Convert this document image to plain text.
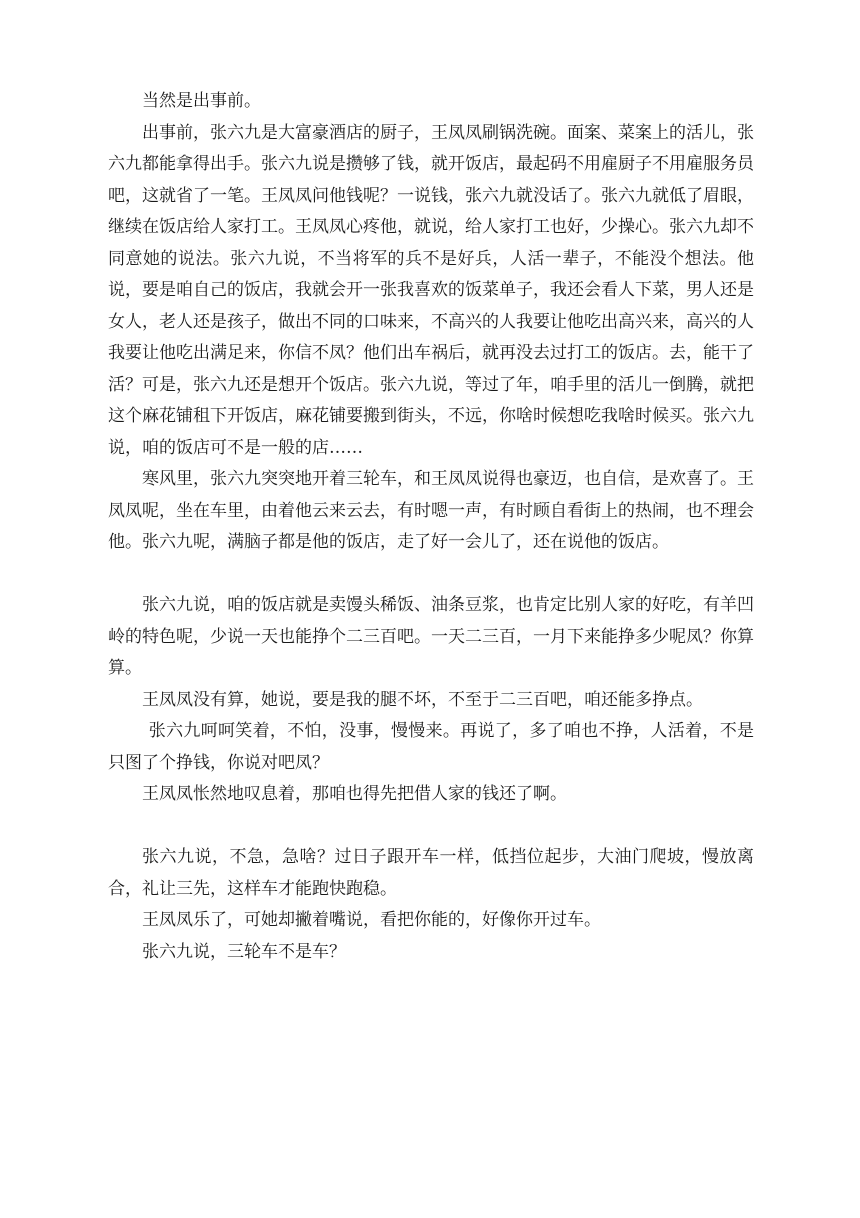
当然是出事前。

出事前，张六九是大富豪酒店的厨子，王凤凤刷锅洗碗。面案、菜案上的活儿，张六九都能拿得出手。张六九说是攒够了钱，就开饭店，最起码不用雇厨子不用雇服务员吧，这就省了一笔。王凤凤问他钱呢？一说钱，张六九就没话了。张六九就低了眉眼，继续在饭店给人家打工。王凤凤心疼他，就说，给人家打工也好，少操心。张六九却不同意她的说法。张六九说，不当将军的兵不是好兵，人活一辈子，不能没个想法。他说，要是咱自己的饭店，我就会开一张我喜欢的饭菜单子，我还会看人下菜，男人还是女人，老人还是孩子，做出不同的口味来，不高兴的人我要让他吃出高兴来，高兴的人我要让他吃出满足来，你信不凤？他们出车祸后，就再没去过打工的饭店。去，能干了活？可是，张六九还是想开个饭店。张六九说，等过了年，咱手里的活儿一倒腾，就把这个麻花铺租下开饭店，麻花铺要搬到街头，不远，你啥时候想吃我啥时候买。张六九说，咱的饭店可不是一般的店……

寒风里，张六九突突地开着三轮车，和王凤凤说得也豪迈，也自信，是欢喜了。王凤凤呢，坐在车里，由着他云来云去，有时嗯一声，有时顾自看街上的热闹，也不理会他。张六九呢，满脑子都是他的饭店，走了好一会儿了，还在说他的饭店。

张六九说，咱的饭店就是卖馒头稀饭、油条豆浆，也肯定比别人家的好吃，有羊凹岭的特色呢，少说一天也能挣个二三百吧。一天二三百，一月下来能挣多少呢凤？你算算。

王凤凤没有算，她说，要是我的腿不坏，不至于二三百吧，咱还能多挣点。

张六九呵呵笑着，不怕，没事，慢慢来。再说了，多了咱也不挣，人活着，不是只图了个挣钱，你说对吧凤？

王凤凤怅然地叹息着，那咱也得先把借人家的钱还了啊。

张六九说，不急，急啥？过日子跟开车一样，低挡位起步，大油门爬坡，慢放离合，礼让三先，这样车才能跑快跑稳。

王凤凤乐了，可她却撇着嘴说，看把你能的，好像你开过车。

张六九说，三轮车不是车？
